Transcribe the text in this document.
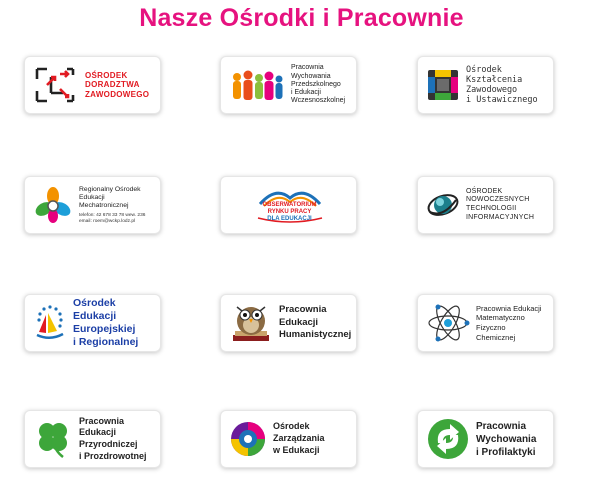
Nasze Ośrodki i Pracownie
OŚRODEK
DORADZTWA
ZAWODOWEGO
Pracownia Wychowania
Przedszkolnego
i Edukacji
Wczesnoszkolnej
Ośrodek Kształcenia
Zawodowego
i Ustawicznego
Regionalny Ośrodek
Edukacji Mechatronicznej
telefon: 42 678 33 78 wew. 236
email: roem@wckp.lodz.pl
OBSERWATORIUM
RYNKU PRACY
DLA EDUKACJI
OŚRODEK NOWOCZESNYCH
TECHNOLOGII INFORMACYJNYCH
Ośrodek Edukacji
Europejskiej
i Regionalnej
Pracownia
Edukacji
Humanistycznej
Pracownia Edukacji
Matematyczno
Fizyczno
Chemicznej
Pracownia Edukacji
Przyrodniczej
i Prozdrowotnej
Ośrodek Zarządzania
w Edukacji
Pracownia
Wychowania
i Profilaktyki
